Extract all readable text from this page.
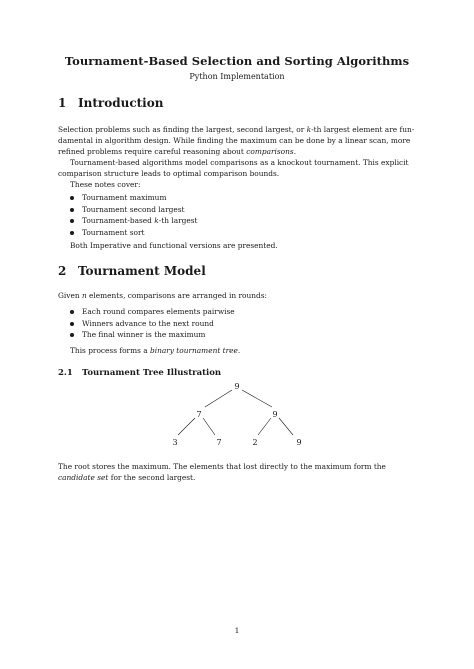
Tournament-Based Selection and Sorting Algorithms
Python Implementation
1 Introduction
Selection problems such as finding the largest, second largest, or k-th largest element are fun-
damental in algorithm design. While finding the maximum can be done by a linear scan, more
refined problems require careful reasoning about comparisons.
Tournament-based algorithms model comparisons as a knockout tournament. This explicit
comparison structure leads to optimal comparison bounds.
These notes cover:
Tournament maximum
Tournament second largest
Tournament-based k-th largest
Tournament sort
Both Imperative and functional versions are presented.
2 Tournament Model
Given n elements, comparisons are arranged in rounds:
Each round compares elements pairwise
Winners advance to the next round
The final winner is the maximum
This process forms a binary tournament tree.
2.1 Tournament Tree Illustration
9
7	9
3	7	2	9
The root stores the maximum. The elements that lost directly to the maximum form the
candidate set for the second largest.
1
